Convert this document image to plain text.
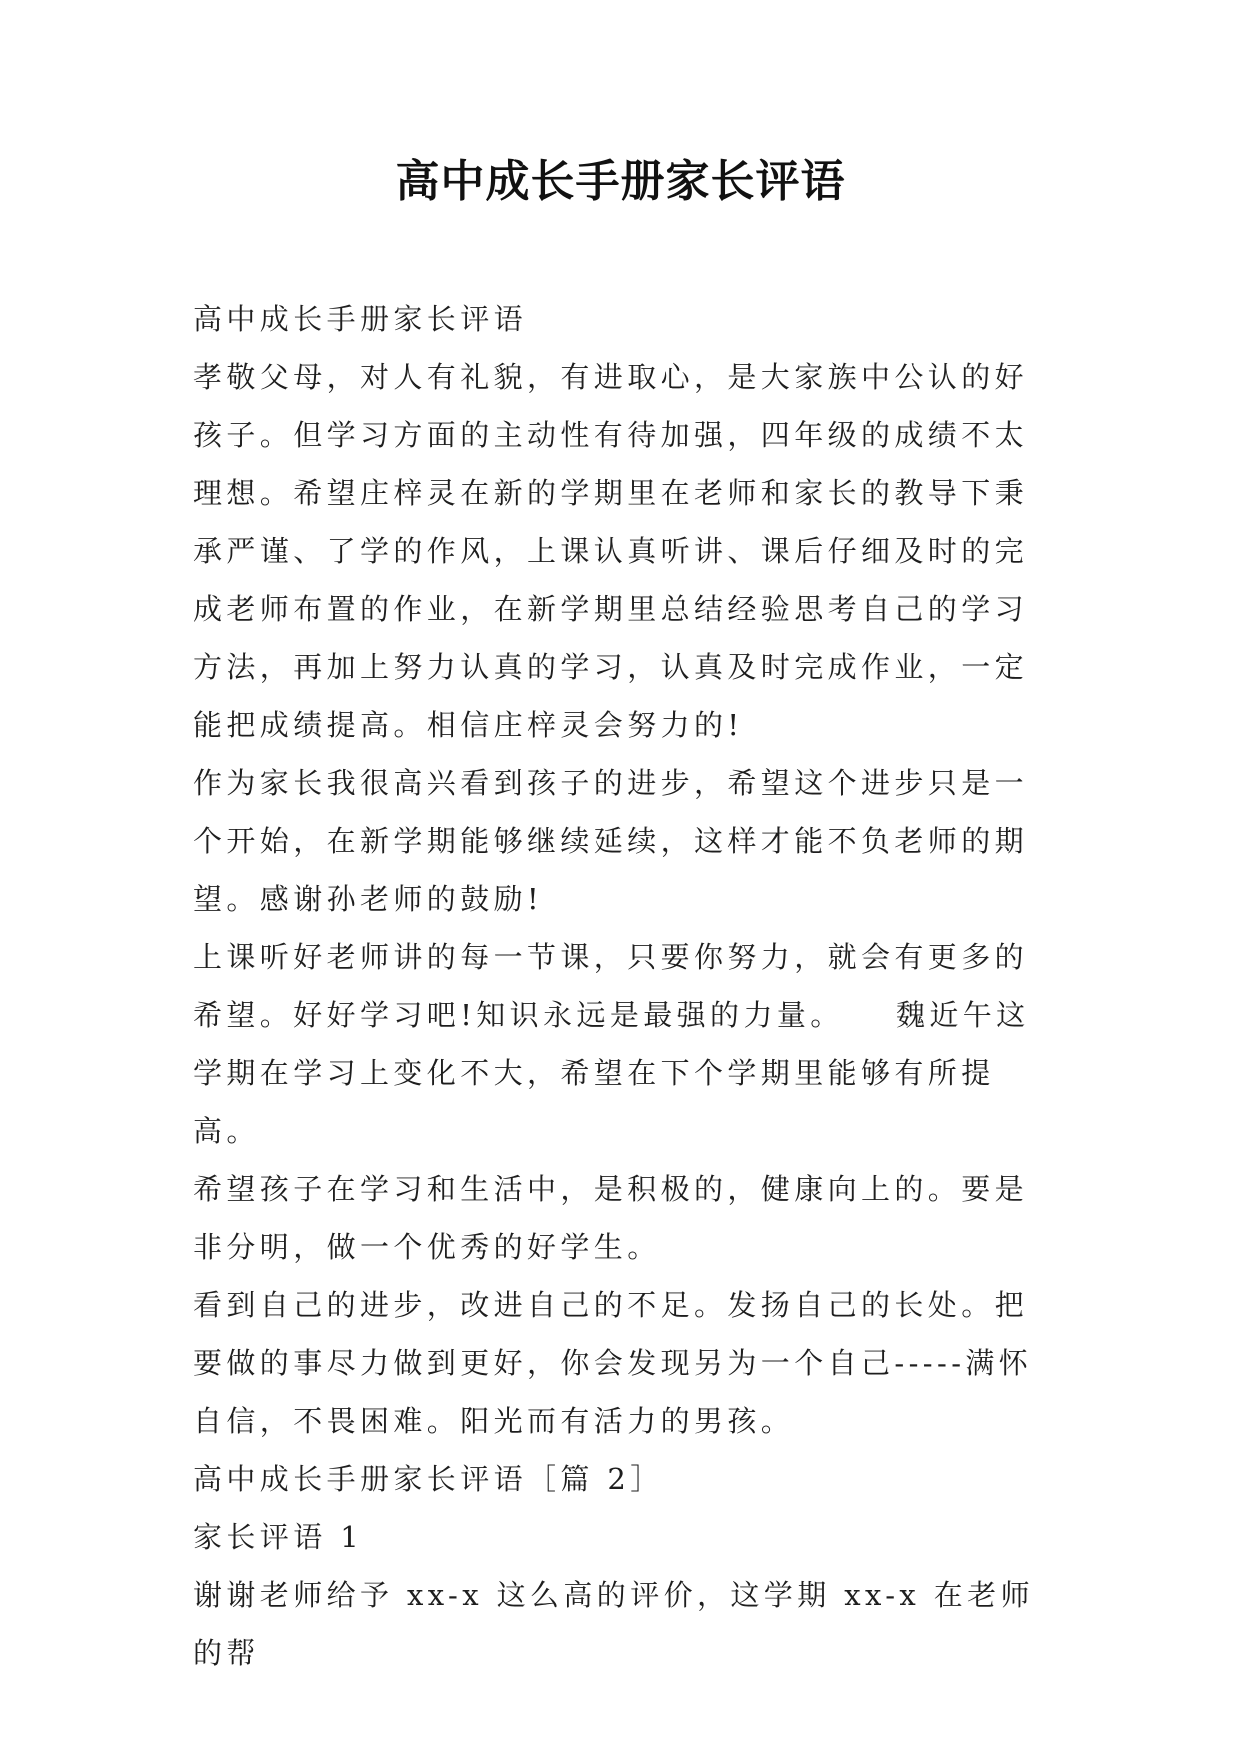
高中成长手册家长评语

高中成长手册家长评语

孝敬父母，对人有礼貌，有进取心，是大家族中公认的好孩子。但学习方面的主动性有待加强，四年级的成绩不太理想。希望庄梓灵在新的学期里在老师和家长的教导下秉承严谨、了学的作风，上课认真听讲、课后仔细及时的完成老师布置的作业，在新学期里总结经验思考自己的学习方法，再加上努力认真的学习，认真及时完成作业，一定能把成绩提高。相信庄梓灵会努力的!

作为家长我很高兴看到孩子的进步，希望这个进步只是一个开始，在新学期能够继续延续，这样才能不负老师的期望。感谢孙老师的鼓励!

上课听好老师讲的每一节课，只要你努力，就会有更多的希望。好好学习吧!知识永远是最强的力量。　　魏近午这学期在学习上变化不大，希望在下个学期里能够有所提高。

希望孩子在学习和生活中，是积极的，健康向上的。要是非分明，做一个优秀的好学生。

看到自己的进步，改进自己的不足。发扬自己的长处。把要做的事尽力做到更好，你会发现另为一个自己-----满怀自信，不畏困难。阳光而有活力的男孩。

高中成长手册家长评语［篇 2］

家长评语 1

谢谢老师给予 xx-x 这么高的评价，这学期 xx-x 在老师的帮
